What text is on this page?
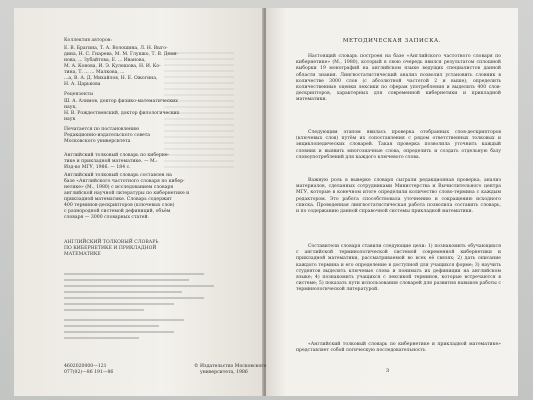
Коллектив авторов:
Е. В. Брагина, Т. А. Волошина, Л. Н. Выго-
дина, Н. С. Гнарева, М. М. Глушко, Т. В. Демя-
нова, ... Зубайтова, Е. ... Иванова,
М. А. Конова, И. Э. Кулешова, Н. И. Ко-
тина, Т. ... ... Малкова, ...
...а, В. А. Д. Михайлов, Н. Е. Ожогина,
Н. А. Царькова
Рецензенты
Ш. А. Алимов, доктор физико-математических
наук,
Н. В. Рождественский, доктор филологических
наук
Печатается по постановлению
Редакционно-издательского совета
Московского университета
Английский толковый словарь по киберне-
тике и прикладной математике. — М.:
Изд-во МГУ, 1986. — 184 с.
Английский толковый словарь составлен на
базе «Английского частотного словаря по кибер-
нетике» (М., 1980) с исследованием словаря
английской научной литературы по кибернетике и
прикладной математике. Словарь содержит
400 терминов-дескрипторов (ключевых слов)
с разнородной системой дефиниций, объём
словаря — 3000 словарных статей.
АНГЛИЙСКИЙ ТОЛКОВЫЙ СЛОВАРЬ
ПО КИБЕРНЕТИКЕ И ПРИКЛАДНОЙ
МАТЕМАТИКЕ
4602020000—121
077(02)—86 191—86
МЕТОДИЧЕСКАЯ ЗАПИСКА.
Настоящий словарь построен на базе «Английского частотного словаря по кибернетике» (М., 1980), который в свою очередь явился результатом сплошной выборки 19 монографий на английском языке ведущих специалистов данной области знания. Лингвостатистический анализ позволил установить словник в количестве 3000 слов (с абсолютной частотой 2 и выше), определить количественные оценки лексики по сферам употребления и выделить 400 слов-дескрипторов, характерных для современной кибернетики и прикладной математики.
Следующим этапом явилась проверка отобранных слов-дескрипторов (ключевых слов) путём их сопоставления с рядом ответственных толковых и энциклопедических словарей. Такая проверка позволила уточнить каждый словник и выявить многозначные слова, определить и создать отдельную базу словоупотреблений для каждого ключевого слова.
Важную роль в выверке словаря сыграли редакционная проверка, анализ материалов, сделанных сотрудниками Министерства и Вычислительного центра МГУ, которые в конечном итоге определили количество слово-термина с каждым редактором. Это работа способствовала уточнению и сокращению исходного списка. Проведенная лингвостатистическая работа позволила составить словарь, и по содержанию данной справочной системы прикладной математики.
Составители словаря ставили следующие цели: 1) познакомить обучающихся с английской терминологической системой современной кибернетики и прикладной математики, рассматриваемой во всех её связях; 2) дать описание каждого термина и его определение в доступной для учащихся форме; 3) научить студентов выделять ключевые слова и понимать их дефиниции на английском языке; 4) познакомить учащихся с лексикой терминов, которые встречаются в системе; 5) показать пути использования словарей для развития навыков работы с терминологической литературой.
«Английский толковый словарь по кибернетике и прикладной математике» представляет собой логическую последовательность
3
© Издательство Московского
университета, 1986
